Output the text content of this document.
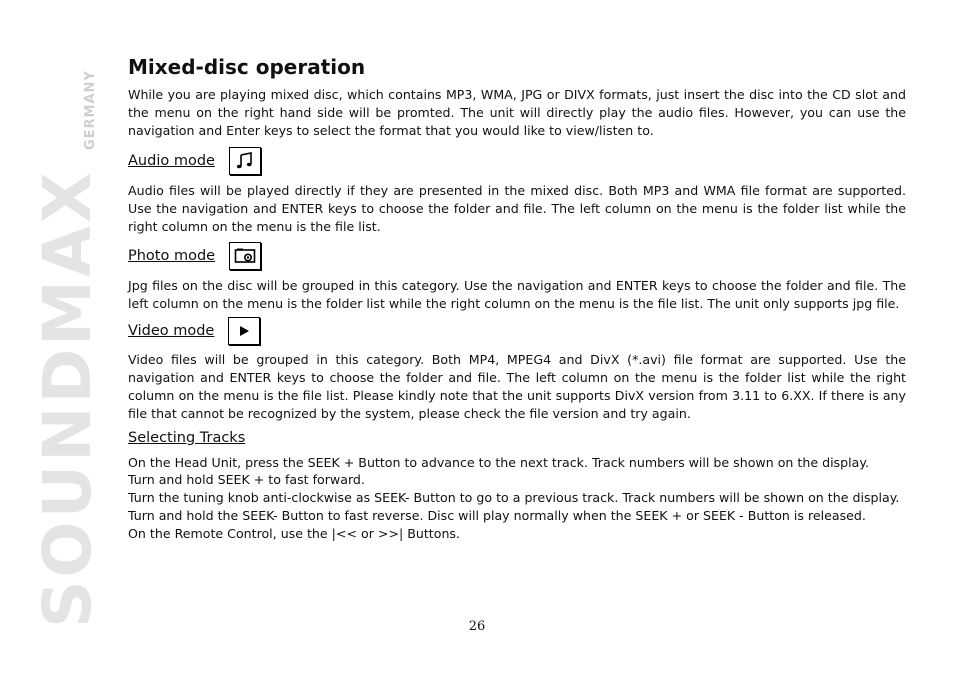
SOUNDMAX
GERMANY
Mixed-disc operation

While you are playing mixed disc, which contains MP3, WMA, JPG or DIVX formats, just insert the disc into the CD slot and the menu on the right hand side will be promted. The unit will directly play the audio files. However, you can use the navigation and Enter keys to select the format that you would like to view/listen to.

Audio mode

Audio files will be played directly if they are presented in the mixed disc. Both MP3 and WMA file format are supported. Use the navigation and ENTER keys to choose the folder and file. The left column on the menu is the folder list while the right column on the menu is the file list.

Photo mode

Jpg files on the disc will be grouped in this category. Use the navigation and ENTER keys to choose the folder and file. The left column on the menu is the folder list while the right column on the menu is the file list. The unit only supports jpg file.

Video mode

Video files will be grouped in this category. Both MP4, MPEG4 and DivX (*.avi) file format are supported. Use the navigation and ENTER keys to choose the folder and file. The left column on the menu is the folder list while the right column on the menu is the file list. Please kindly note that the unit supports DivX version from 3.11 to 6.XX. If there is any file that cannot be recognized by the system, please check the file version and try again.

Selecting Tracks

On the Head Unit, press the SEEK + Button to advance to the next track. Track numbers will be shown on the display.

Turn and hold SEEK + to fast forward.

Turn the tuning knob anti-clockwise as SEEK- Button to go to a previous track. Track numbers will be shown on the display.

Turn and hold the SEEK- Button to fast reverse. Disc will play normally when the SEEK + or SEEK - Button is released.

On the Remote Control, use the |<< or >>| Buttons.

26
